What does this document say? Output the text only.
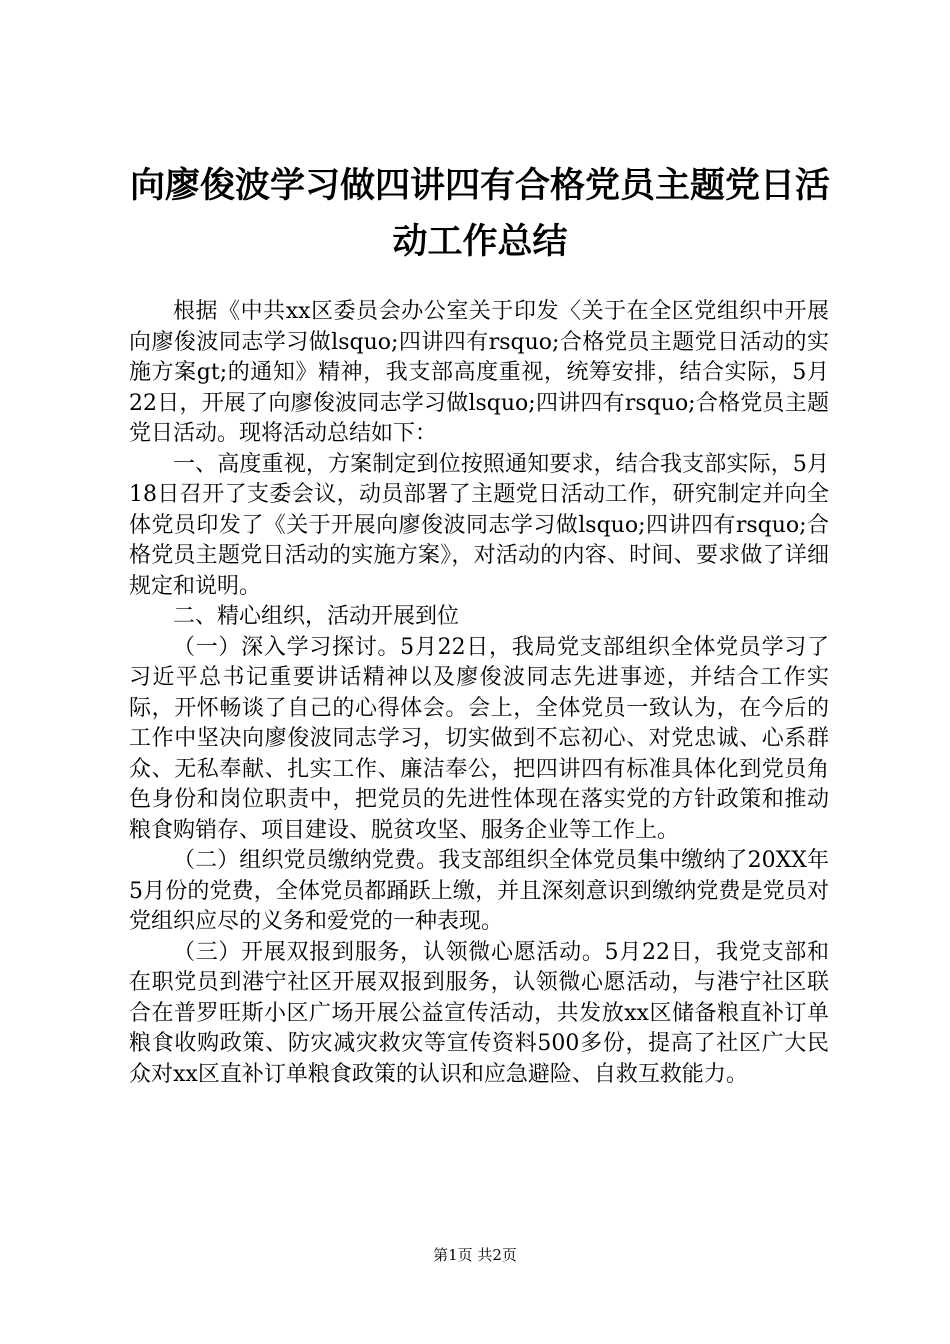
向廖俊波学习做四讲四有合格党员主题党日活
动工作总结

根据《中共xx区委员会办公室关于印发〈关于在全区党组织中开展向廖俊波同志学习做lsquo;四讲四有rsquo;合格党员主题党日活动的实施方案gt;的通知》精神，我支部高度重视，统筹安排，结合实际，5月22日，开展了向廖俊波同志学习做lsquo;四讲四有rsquo;合格党员主题党日活动。现将活动总结如下：

一、高度重视，方案制定到位按照通知要求，结合我支部实际，5月18日召开了支委会议，动员部署了主题党日活动工作，研究制定并向全体党员印发了《关于开展向廖俊波同志学习做lsquo;四讲四有rsquo;合格党员主题党日活动的实施方案》，对活动的内容、时间、要求做了详细规定和说明。

二、精心组织，活动开展到位

（一）深入学习探讨。5月22日，我局党支部组织全体党员学习了习近平总书记重要讲话精神以及廖俊波同志先进事迹，并结合工作实际，开怀畅谈了自己的心得体会。会上，全体党员一致认为，在今后的工作中坚决向廖俊波同志学习，切实做到不忘初心、对党忠诚、心系群众、无私奉献、扎实工作、廉洁奉公，把四讲四有标准具体化到党员角色身份和岗位职责中，把党员的先进性体现在落实党的方针政策和推动粮食购销存、项目建设、脱贫攻坚、服务企业等工作上。

（二）组织党员缴纳党费。我支部组织全体党员集中缴纳了20XX年5月份的党费，全体党员都踊跃上缴，并且深刻意识到缴纳党费是党员对党组织应尽的义务和爱党的一种表现。

（三）开展双报到服务，认领微心愿活动。5月22日，我党支部和在职党员到港宁社区开展双报到服务，认领微心愿活动，与港宁社区联合在普罗旺斯小区广场开展公益宣传活动，共发放xx区储备粮直补订单粮食收购政策、防灾减灾救灾等宣传资料500多份，提高了社区广大民众对xx区直补订单粮食政策的认识和应急避险、自救互救能力。

第1页 共2页
